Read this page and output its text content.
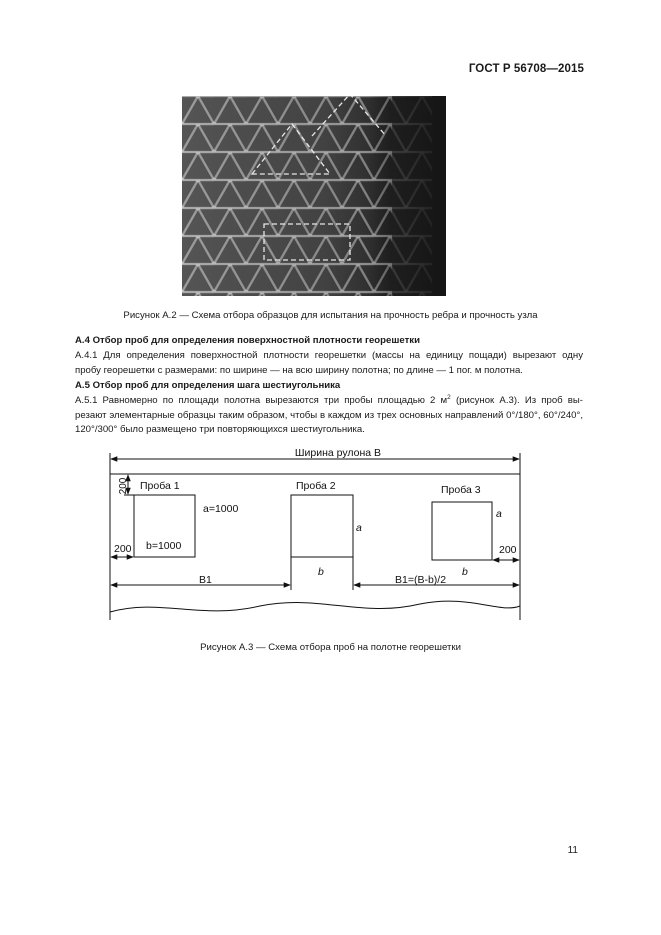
ГОСТ Р 56708—2015
Рисунок А.2 — Схема отбора образцов для испытания на прочность ребра и прочность узла
А.4 Отбор проб для определения поверхностной плотности георешетки
А.4.1 Для определения поверхностной плотности георешетки (массы на единицу пощади) вырезают одну
пробу георешетки с размерами: по ширине — на всю ширину полотна; по длине — 1 пог. м полотна.
А.5 Отбор проб для определения шага шестиугольника
А.5.1 Равномерно по площади полотна вырезаются три пробы площадью 2 $м^2$ (рисунок А.3). Из проб вы-
резают элементарные образцы таким образом, чтобы в каждом из трех основных направлений 0°/180°, 60°/240°,
120°/300° было размещено три повторяющихся шестиугольника.
Ширина рулона В
Проба 1	Проба 2	Проба 3
200
200	200
a=1000
b=1000
a
a
b	b
B1	B1=(B-b)/2
Рисунок А.3 — Схема отбора проб на полотне георешетки
11
